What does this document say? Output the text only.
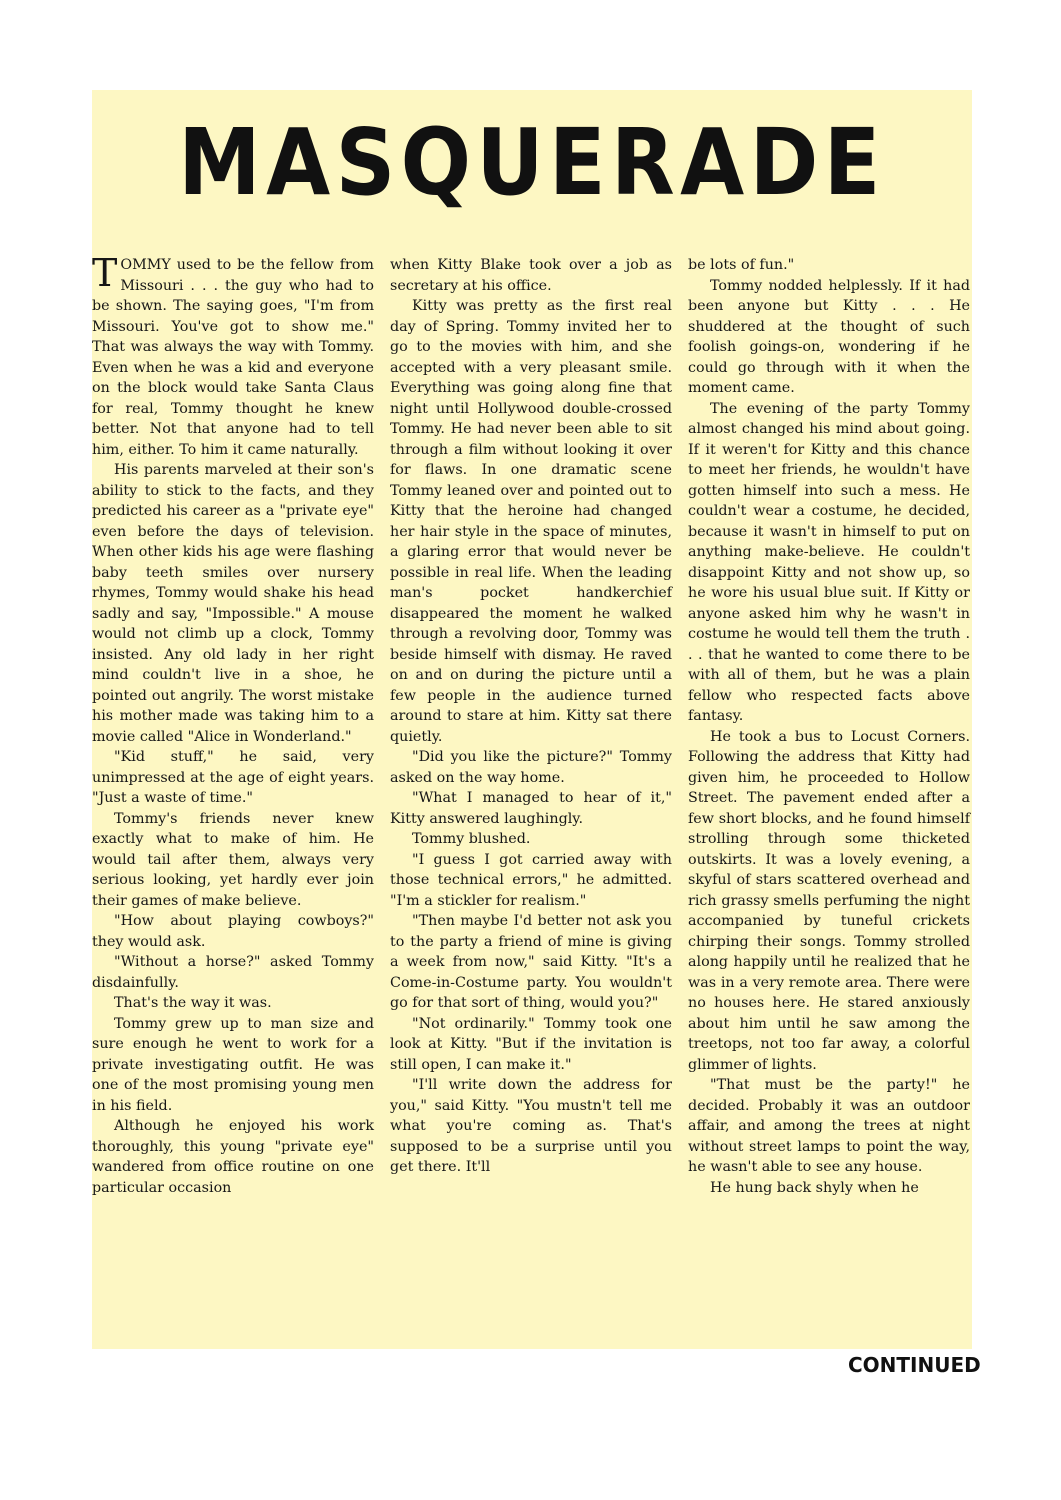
MASQUERADE

TOMMY used to be the fellow from Missouri . . . the guy who had to be shown. The saying goes, "I'm from Missouri. You've got to show me." That was always the way with Tommy. Even when he was a kid and everyone on the block would take Santa Claus for real, Tommy thought he knew better. Not that anyone had to tell him, either. To him it came naturally.

His parents marveled at their son's ability to stick to the facts, and they predicted his career as a "private eye" even before the days of television. When other kids his age were flashing baby teeth smiles over nursery rhymes, Tommy would shake his head sadly and say, "Impossible." A mouse would not climb up a clock, Tommy insisted. Any old lady in her right mind couldn't live in a shoe, he pointed out angrily. The worst mistake his mother made was taking him to a movie called "Alice in Wonderland."

"Kid stuff," he said, very unimpressed at the age of eight years. "Just a waste of time."

Tommy's friends never knew exactly what to make of him. He would tail after them, always very serious looking, yet hardly ever join their games of make believe.

"How about playing cowboys?" they would ask.

"Without a horse?" asked Tommy disdainfully.

That's the way it was.

Tommy grew up to man size and sure enough he went to work for a private investigating outfit. He was one of the most promising young men in his field.

Although he enjoyed his work thoroughly, this young "private eye" wandered from office routine on one particular occasion

when Kitty Blake took over a job as secretary at his office.

Kitty was pretty as the first real day of Spring. Tommy invited her to go to the movies with him, and she accepted with a very pleasant smile. Everything was going along fine that night until Hollywood double-crossed Tommy. He had never been able to sit through a film without looking it over for flaws. In one dramatic scene Tommy leaned over and pointed out to Kitty that the heroine had changed her hair style in the space of minutes, a glaring error that would never be possible in real life. When the leading man's pocket handkerchief disappeared the moment he walked through a revolving door, Tommy was beside himself with dismay. He raved on and on during the picture until a few people in the audience turned around to stare at him. Kitty sat there quietly.

"Did you like the picture?" Tommy asked on the way home.

"What I managed to hear of it," Kitty answered laughingly.

Tommy blushed.

"I guess I got carried away with those technical errors," he admitted. "I'm a stickler for realism."

"Then maybe I'd better not ask you to the party a friend of mine is giving a week from now," said Kitty. "It's a Come-in-Costume party. You wouldn't go for that sort of thing, would you?"

"Not ordinarily." Tommy took one look at Kitty. "But if the invitation is still open, I can make it."

"I'll write down the address for you," said Kitty. "You mustn't tell me what you're coming as. That's supposed to be a surprise until you get there. It'll

be lots of fun."

Tommy nodded helplessly. If it had been anyone but Kitty . . . He shuddered at the thought of such foolish goings-on, wondering if he could go through with it when the moment came.

The evening of the party Tommy almost changed his mind about going. If it weren't for Kitty and this chance to meet her friends, he wouldn't have gotten himself into such a mess. He couldn't wear a costume, he decided, because it wasn't in himself to put on anything make-believe. He couldn't disappoint Kitty and not show up, so he wore his usual blue suit. If Kitty or anyone asked him why he wasn't in costume he would tell them the truth . . . that he wanted to come there to be with all of them, but he was a plain fellow who respected facts above fantasy.

He took a bus to Locust Corners. Following the address that Kitty had given him, he proceeded to Hollow Street. The pavement ended after a few short blocks, and he found himself strolling through some thicketed outskirts. It was a lovely evening, a skyful of stars scattered overhead and rich grassy smells perfuming the night accompanied by tuneful crickets chirping their songs. Tommy strolled along happily until he realized that he was in a very remote area. There were no houses here. He stared anxiously about him until he saw among the treetops, not too far away, a colorful glimmer of lights.

"That must be the party!" he decided. Probably it was an outdoor affair, and among the trees at night without street lamps to point the way, he wasn't able to see any house.

He hung back shyly when he

CONTINUED
